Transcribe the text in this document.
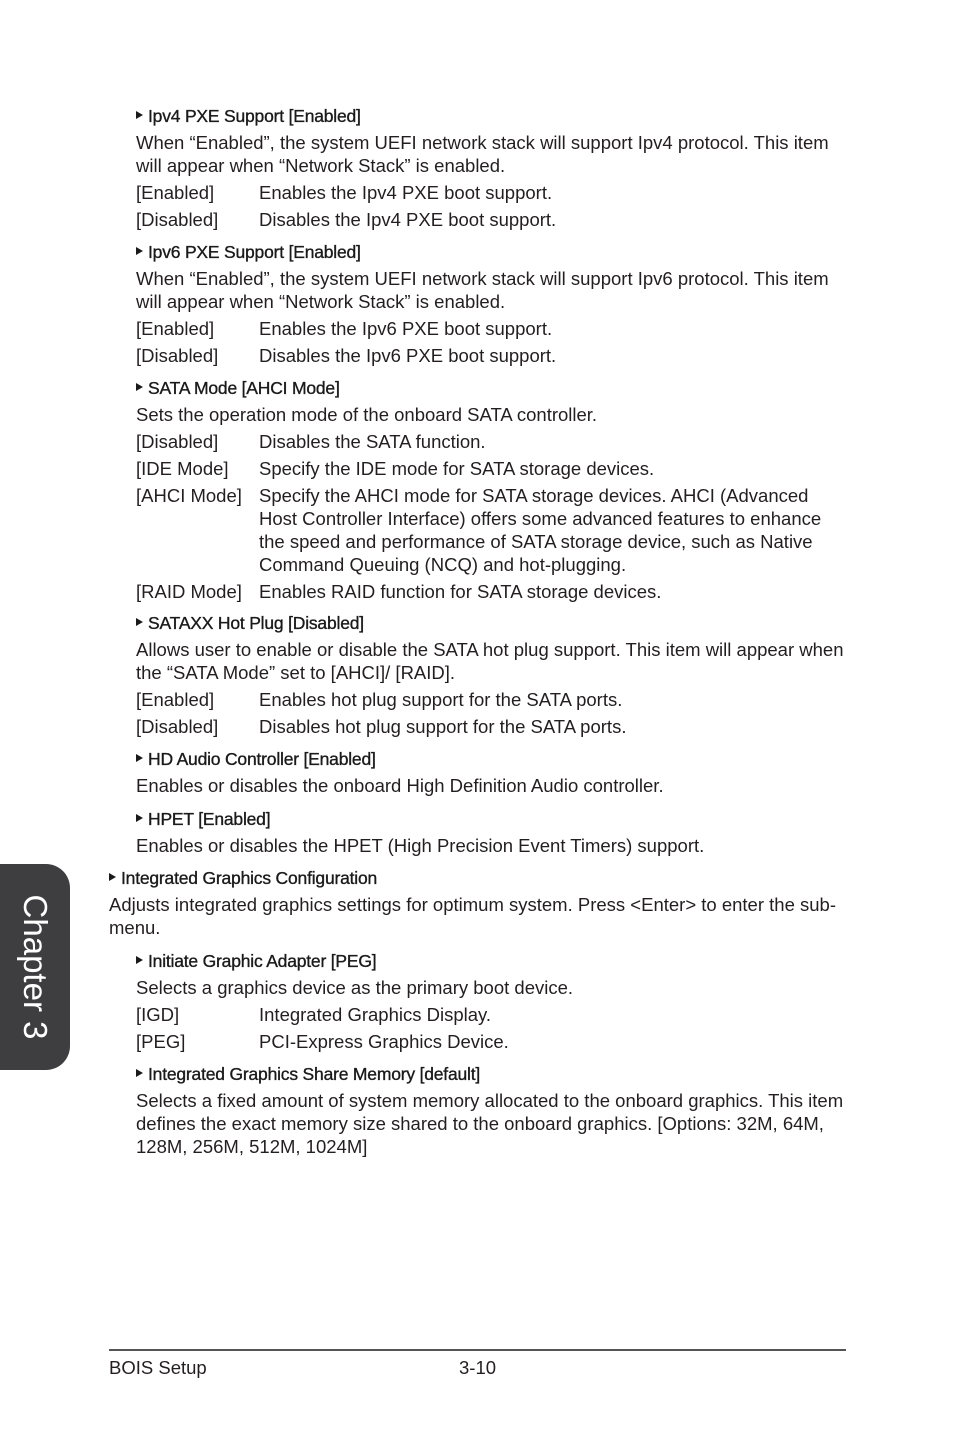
Ipv4 PXE Support [Enabled]
When “Enabled”, the system UEFI network stack will support Ipv4 protocol. This item will appear when “Network Stack” is enabled.
[Enabled]	Enables the Ipv4 PXE boot support.
[Disabled]	Disables the Ipv4 PXE boot support.
Ipv6 PXE Support [Enabled]
When “Enabled”, the system UEFI network stack will support Ipv6 protocol. This item will appear when “Network Stack” is enabled.
[Enabled]	Enables the Ipv6 PXE boot support.
[Disabled]	Disables the Ipv6 PXE boot support.
SATA Mode [AHCI Mode]
Sets the operation mode of the onboard SATA controller.
[Disabled]	Disables the SATA function.
[IDE Mode]	Specify the IDE mode for SATA storage devices.
[AHCI Mode] Specify the AHCI mode for SATA storage devices. AHCI (Advanced Host Controller Interface) offers some advanced features to enhance the speed and performance of SATA storage device, such as Native Command Queuing (NCQ) and hot-plugging.
[RAID Mode] Enables RAID function for SATA storage devices.
SATAXX Hot Plug [Disabled]
Allows user to enable or disable the SATA hot plug support. This item will appear when the “SATA Mode” set to [AHCI]/ [RAID].
[Enabled]	Enables hot plug support for the SATA ports.
[Disabled]	Disables hot plug support for the SATA ports.
HD Audio Controller [Enabled]
Enables or disables the onboard High Definition Audio controller.
HPET [Enabled]
Enables or disables the HPET (High Precision Event Timers) support.
Integrated Graphics Configuration
Adjusts integrated graphics settings for optimum system. Press <Enter> to enter the sub-menu.
Initiate Graphic Adapter [PEG]
Selects a graphics device as the primary boot device.
[IGD]	Integrated Graphics Display.
[PEG]	PCI-Express Graphics Device.
Integrated Graphics Share Memory [default]
Selects a fixed amount of system memory allocated to the onboard graphics. This item defines the exact memory size shared to the onboard graphics. [Options: 32M, 64M, 128M, 256M, 512M, 1024M]
Chapter 3
BOIS Setup	3-10
